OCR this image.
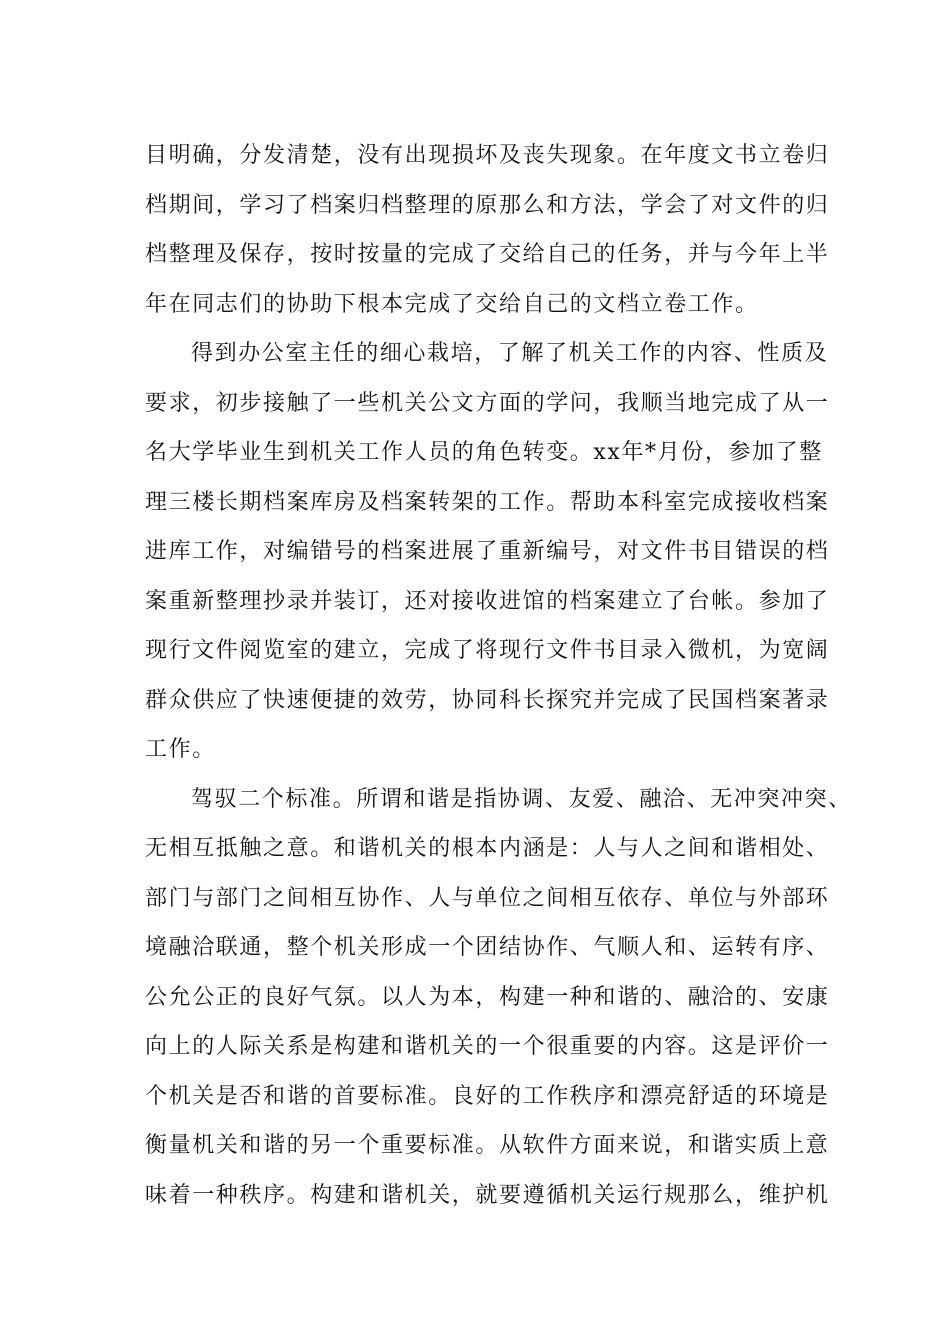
目明确，分发清楚，没有出现损坏及丧失现象。在年度文书立卷归
档期间，学习了档案归档整理的原那么和方法，学会了对文件的归
档整理及保存，按时按量的完成了交给自己的任务，并与今年上半
年在同志们的协助下根本完成了交给自己的文档立卷工作。
得到办公室主任的细心栽培，了解了机关工作的内容、性质及
要求，初步接触了一些机关公文方面的学问，我顺当地完成了从一
名大学毕业生到机关工作人员的角色转变。xx年*月份，参加了整
理三楼长期档案库房及档案转架的工作。帮助本科室完成接收档案
进库工作，对编错号的档案进展了重新编号，对文件书目错误的档
案重新整理抄录并装订，还对接收进馆的档案建立了台帐。参加了
现行文件阅览室的建立，完成了将现行文件书目录入微机，为宽阔
群众供应了快速便捷的效劳，协同科长探究并完成了民国档案著录
工作。
驾驭二个标准。所谓和谐是指协调、友爱、融洽、无冲突冲突、
无相互抵触之意。和谐机关的根本内涵是：人与人之间和谐相处、
部门与部门之间相互协作、人与单位之间相互依存、单位与外部环
境融洽联通，整个机关形成一个团结协作、气顺人和、运转有序、
公允公正的良好气氛。以人为本，构建一种和谐的、融洽的、安康
向上的人际关系是构建和谐机关的一个很重要的内容。这是评价一
个机关是否和谐的首要标准。良好的工作秩序和漂亮舒适的环境是
衡量机关和谐的另一个重要标准。从软件方面来说，和谐实质上意
味着一种秩序。构建和谐机关，就要遵循机关运行规那么，维护机
